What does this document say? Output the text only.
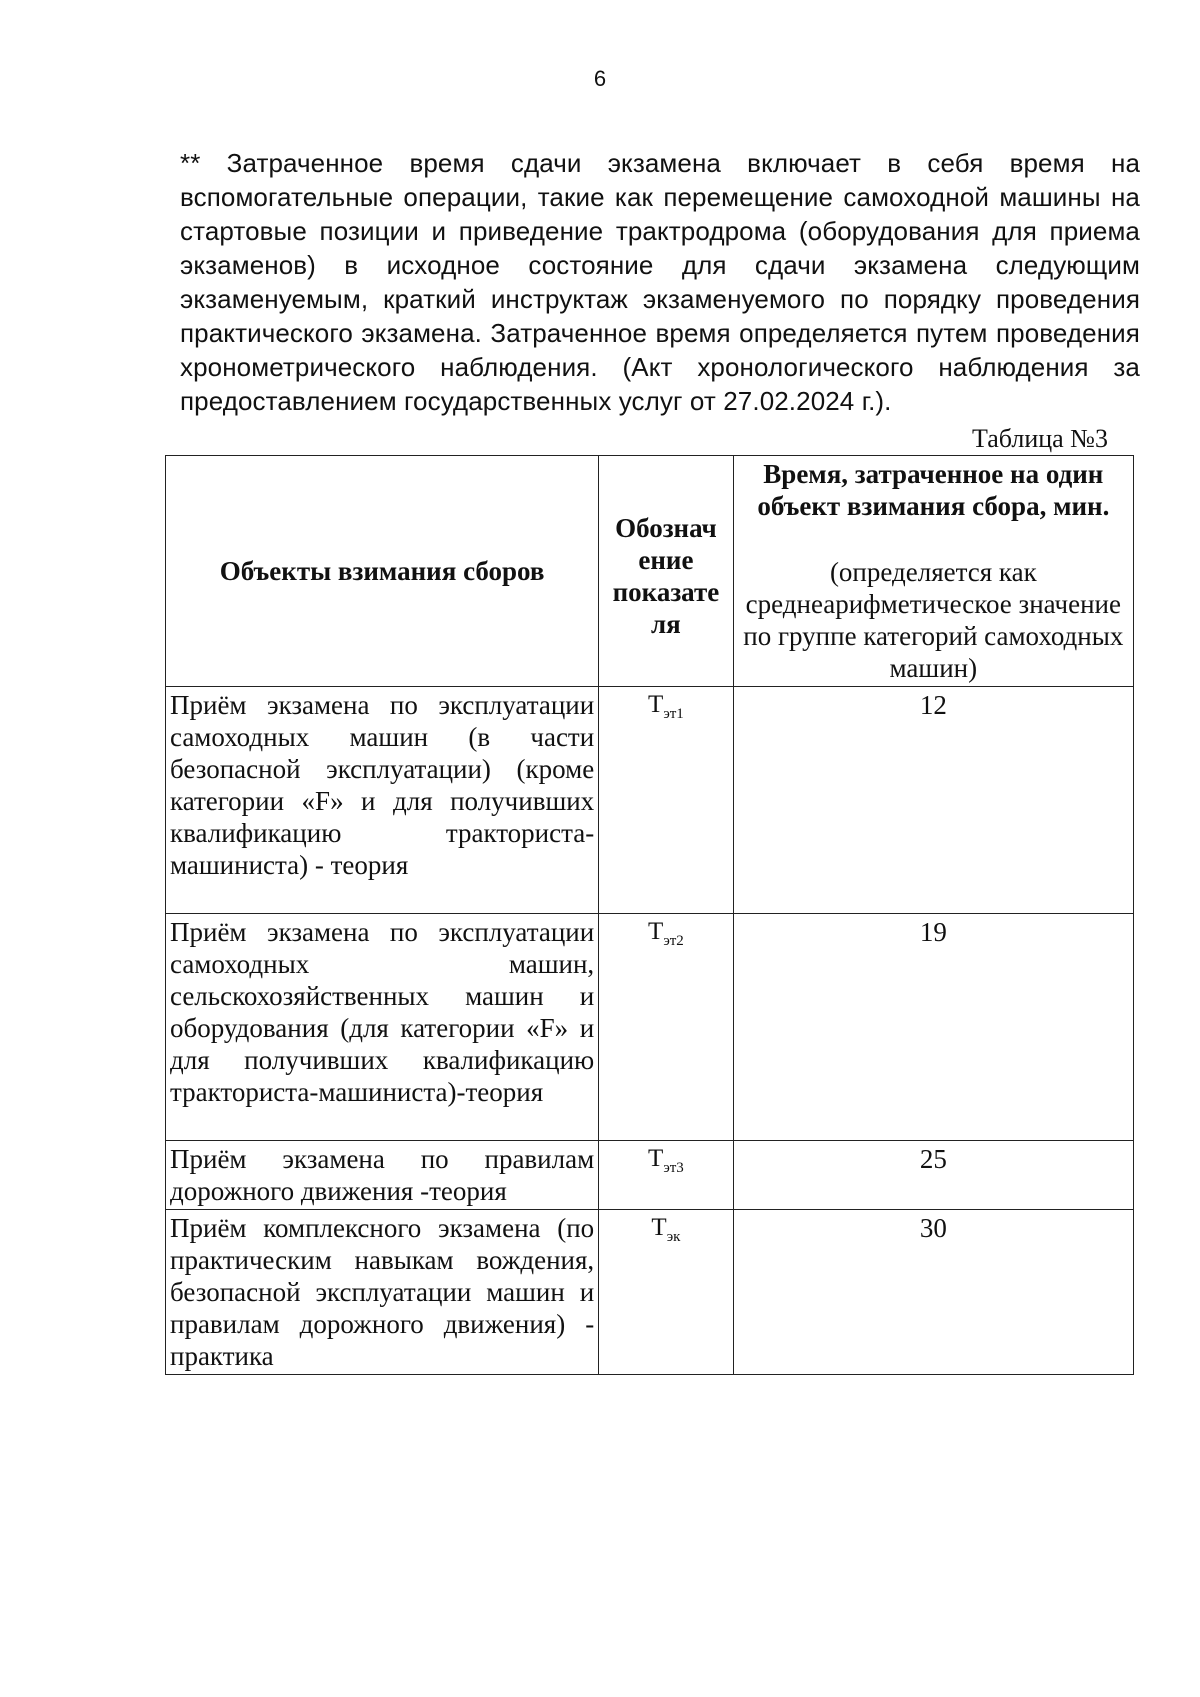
6

** Затраченное время сдачи экзамена включает в себя время на вспомогательные операции, такие как перемещение самоходной машины на стартовые позиции и приведение трактродрома (оборудования для приема экзаменов) в исходное состояние для сдачи экзамена следующим экзаменуемым, краткий инструктаж экзаменуемого по порядку проведения практического экзамена. Затраченное время определяется путем проведения хронометрического наблюдения. (Акт хронологического наблюдения за предоставлением государственных услуг от 27.02.2024 г.).

Таблица №3
Объекты взимания сборов	Обознач ение показате ля	Время, затраченное на один объект взимания сбора, мин.
(определяется как среднеарифметическое значение по группе категорий самоходных машин)

Приём экзамена по эксплуатации самоходных машин (в части безопасной эксплуатации) (кроме категории «F» и для получивших квалификацию тракториста-машиниста) - теория	$Т_{эт1}$	12
Приём экзамена по эксплуатации самоходных машин, сельскохозяйственных машин и оборудования (для категории «F» и для получивших квалификацию тракториста-машиниста)-теория	$Т_{эт2}$	19
Приём экзамена по правилам дорожного движения -теория	$Т_{эт3}$	25
Приём комплексного экзамена (по практическим навыкам вождения, безопасной эксплуатации машин и правилам дорожного движения) - практика	$Т_{эк}$	30
